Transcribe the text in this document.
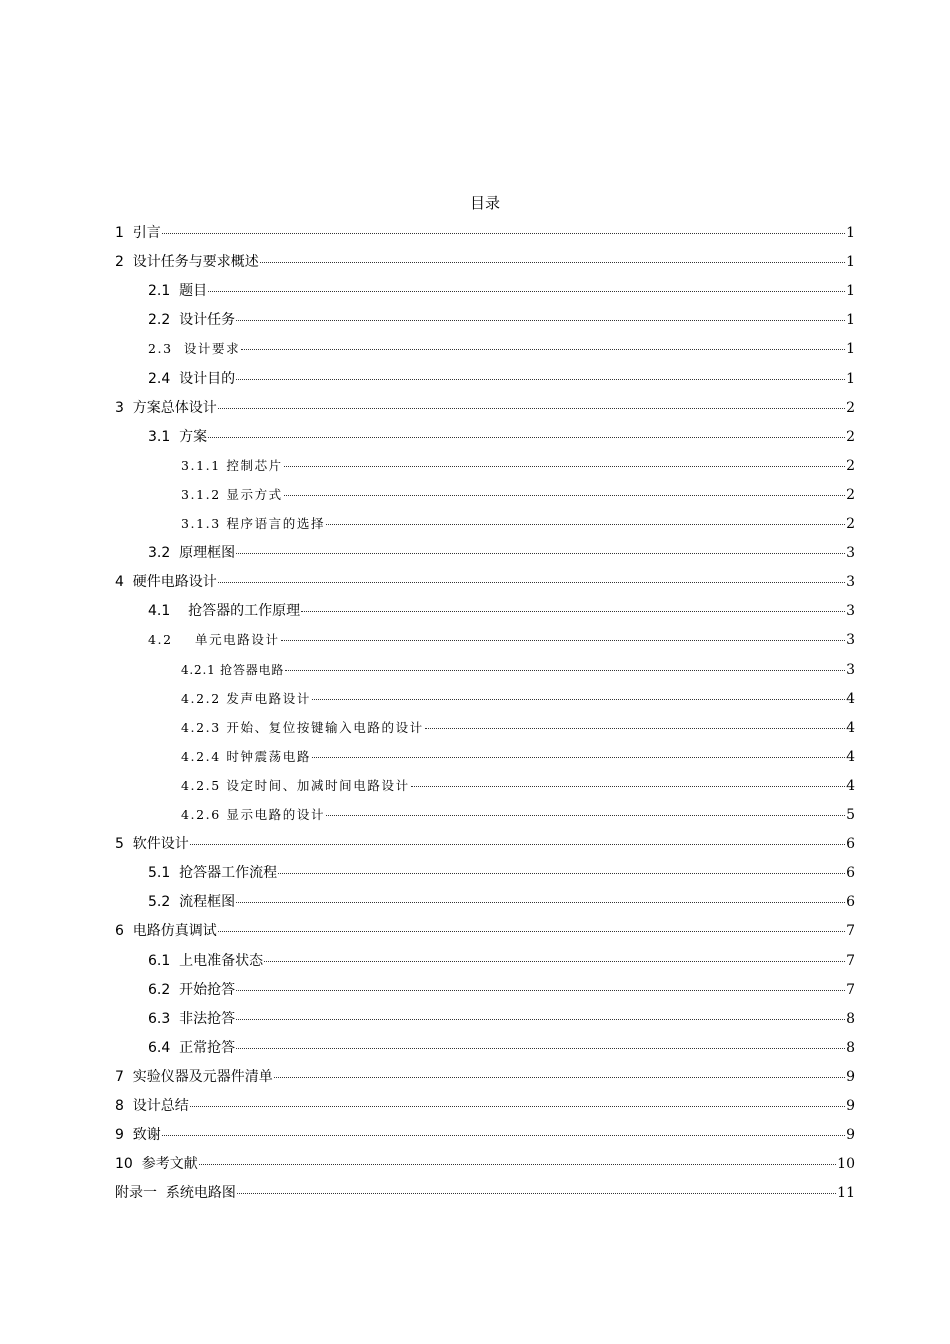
目录
1  引言	1
2  设计任务与要求概述	1
2.1  题目	1
2.2  设计任务	1
2.3  设计要求	1
2.4  设计目的	1
3  方案总体设计	2
3.1  方案	2
3.1.1 控制芯片	2
3.1.2 显示方式	2
3.1.3 程序语言的选择	2
3.2  原理框图	3
4  硬件电路设计	3
4.1    抢答器的工作原理	3
4.2    单元电路设计	3
4.2.1 抢答器电路	3
4.2.2 发声电路设计	4
4.2.3 开始、复位按键输入电路的设计	4
4.2.4 时钟震荡电路	4
4.2.5 设定时间、加减时间电路设计	4
4.2.6 显示电路的设计	5
5  软件设计	6
5.1  抢答器工作流程	6
5.2  流程框图	6
6  电路仿真调试	7
6.1  上电准备状态	7
6.2  开始抢答	7
6.3  非法抢答	8
6.4  正常抢答	8
7  实验仪器及元器件清单	9
8  设计总结	9
9  致谢	9
10  参考文献	10
附录一  系统电路图	11
